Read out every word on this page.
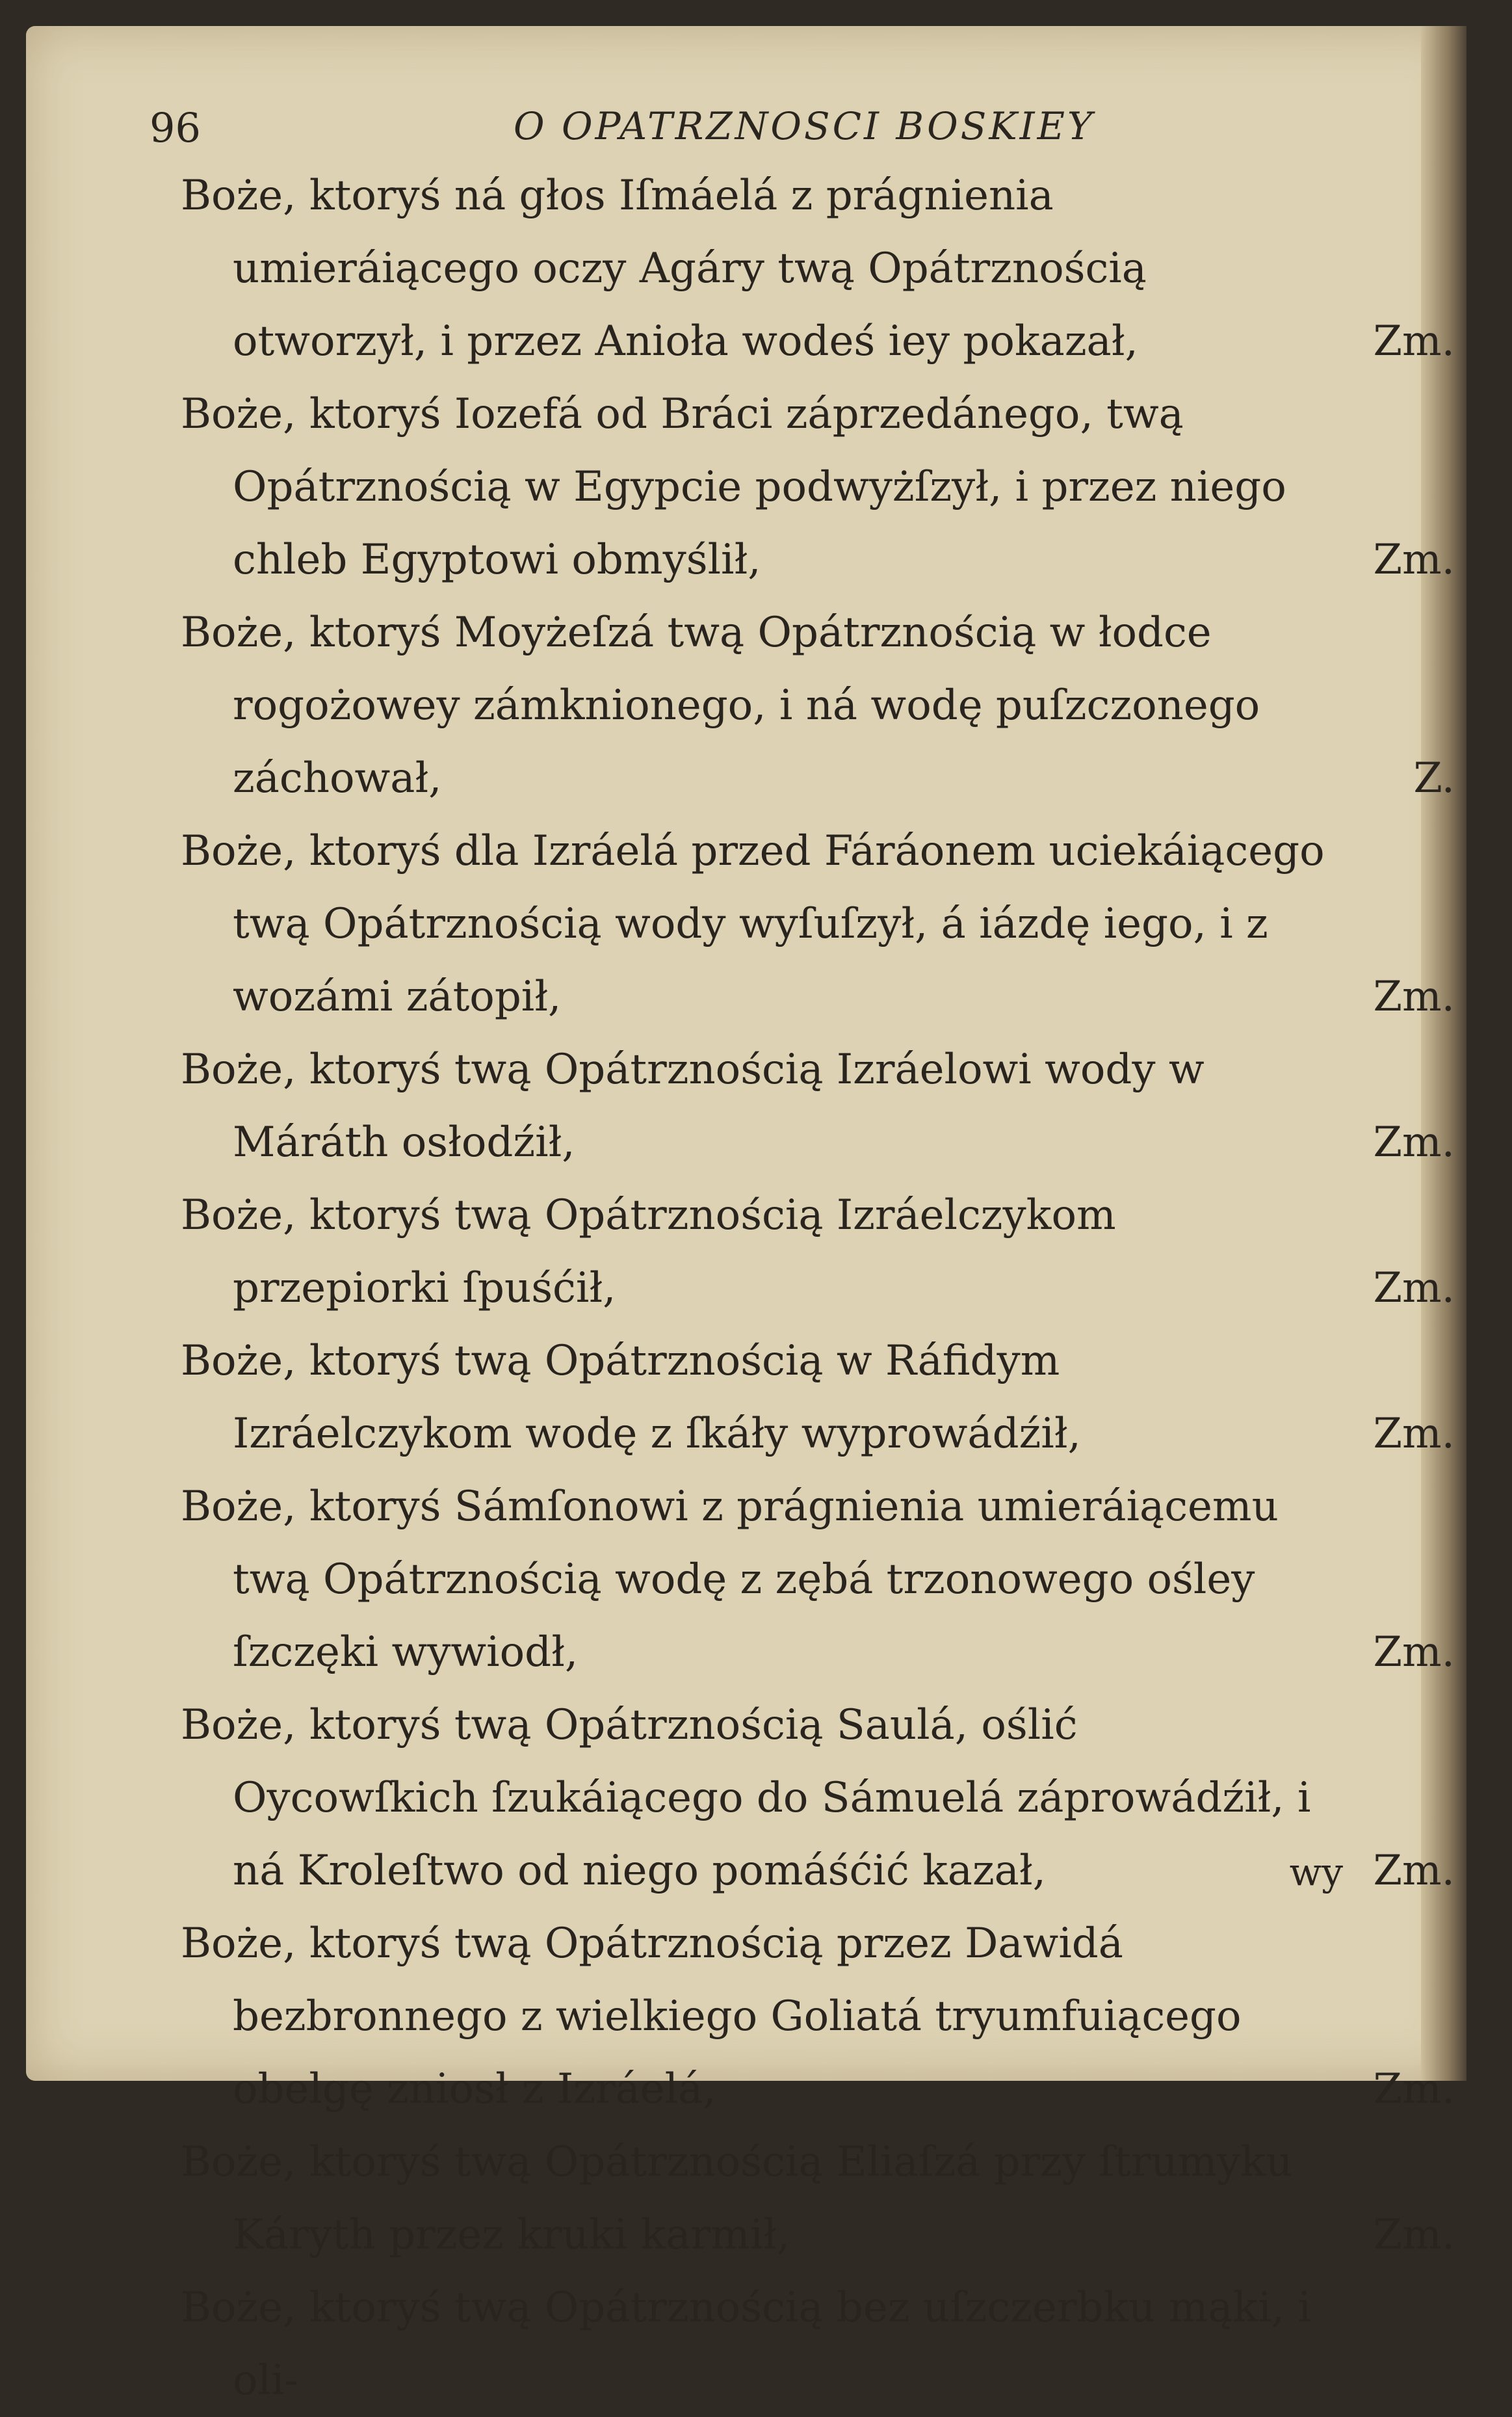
96	O OPATRZNOSCI BOSKIEY
Boże, ktoryś ná głos Iſmáelá z prágnienia umieráiącego oczy Agáry twą Opátrznością otworzył, i przez Anioła wodeś iey pokazał,	Zm.
Boże, ktoryś Iozefá od Bráci záprzedánego, twą Opátrznością w Egypcie podwyżſzył, i przez niego chleb Egyptowi obmyślił,	Zm.
Boże, ktoryś Moyżeſzá twą Opátrznością w łodce rogożowey zámknionego, i ná wodę puſzczonego záchował,	Z.
Boże, ktoryś dla Izráelá przed Fáráonem uciekáiącego twą Opátrznością wody wyſuſzył, á iázdę iego, i z wozámi zátopił,	Zm.
Boże, ktoryś twą Opátrznością Izráelowi wody w Máráth osłodźił,	Zm.
Boże, ktoryś twą Opátrznością Izráelczykom przepiorki ſpuśćił,	Zm.
Boże, ktoryś twą Opátrznością w Ráfidym Izráelczykom wodę z ſkáły wyprowádźił,	Zm.
Boże, ktoryś Sámſonowi z prágnienia umieráiącemu twą Opátrznością wodę z zębá trzonowego ośley ſzczęki wywiodł,	Zm.
Boże, ktoryś twą Opátrznością Saulá, oślić Oycowſkich ſzukáiącego do Sámuelá záprowádźił, i ná Kroleſtwo od niego pomáśćić kazał,	Zm.
Boże, ktoryś twą Opátrznością przez Dawidá bezbronnego z wielkiego Goliatá tryumfuiącego obelgę zniosł z Izráelá,	Zm.
Boże, ktoryś twą Opátrznością Eliaſzá przy ſtrumyku Káryth przez kruki karmił,	Zm.
Boże, ktoryś twą Opátrznością bez uſzczerbku mąki, i oli-
wy
